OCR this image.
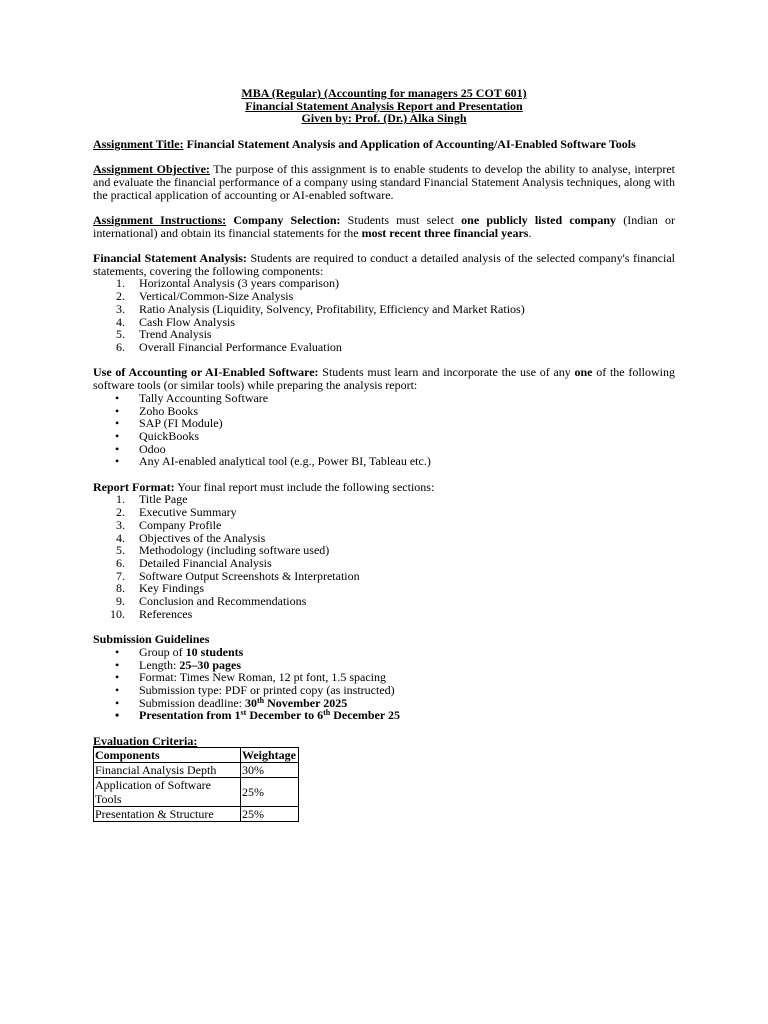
MBA (Regular) (Accounting for managers 25 COT 601)
Financial Statement Analysis Report and Presentation
Given by: Prof. (Dr.) Alka Singh

Assignment Title: Financial Statement Analysis and Application of Accounting/AI-Enabled Software Tools

Assignment Objective: The purpose of this assignment is to enable students to develop the ability to analyse, interpret and evaluate the financial performance of a company using standard Financial Statement Analysis techniques, along with the practical application of accounting or AI-enabled software.

Assignment Instructions: Company Selection: Students must select one publicly listed company (Indian or international) and obtain its financial statements for the most recent three financial years.

Financial Statement Analysis: Students are required to conduct a detailed analysis of the selected company's financial statements, covering the following components:

1. Horizontal Analysis (3 years comparison)
2. Vertical/Common-Size Analysis
3. Ratio Analysis (Liquidity, Solvency, Profitability, Efficiency and Market Ratios)
4. Cash Flow Analysis
5. Trend Analysis
6. Overall Financial Performance Evaluation

Use of Accounting or AI-Enabled Software: Students must learn and incorporate the use of any one of the following software tools (or similar tools) while preparing the analysis report:

• Tally Accounting Software
• Zoho Books
• SAP (FI Module)
• QuickBooks
• Odoo
• Any AI-enabled analytical tool (e.g., Power BI, Tableau etc.)

Report Format: Your final report must include the following sections:

1. Title Page
2. Executive Summary
3. Company Profile
4. Objectives of the Analysis
5. Methodology (including software used)
6. Detailed Financial Analysis
7. Software Output Screenshots & Interpretation
8. Key Findings
9. Conclusion and Recommendations
10. References

Submission Guidelines

• Group of 10 students
• Length: 25–30 pages
• Format: Times New Roman, 12 pt font, 1.5 spacing
• Submission type: PDF or printed copy (as instructed)
• Submission deadline: 30th November 2025
• Presentation from 1st December to 6th December 25

Evaluation Criteria:

Components	Weightage
Financial Analysis Depth	30%
Application of Software Tools	25%
Presentation & Structure	25%
